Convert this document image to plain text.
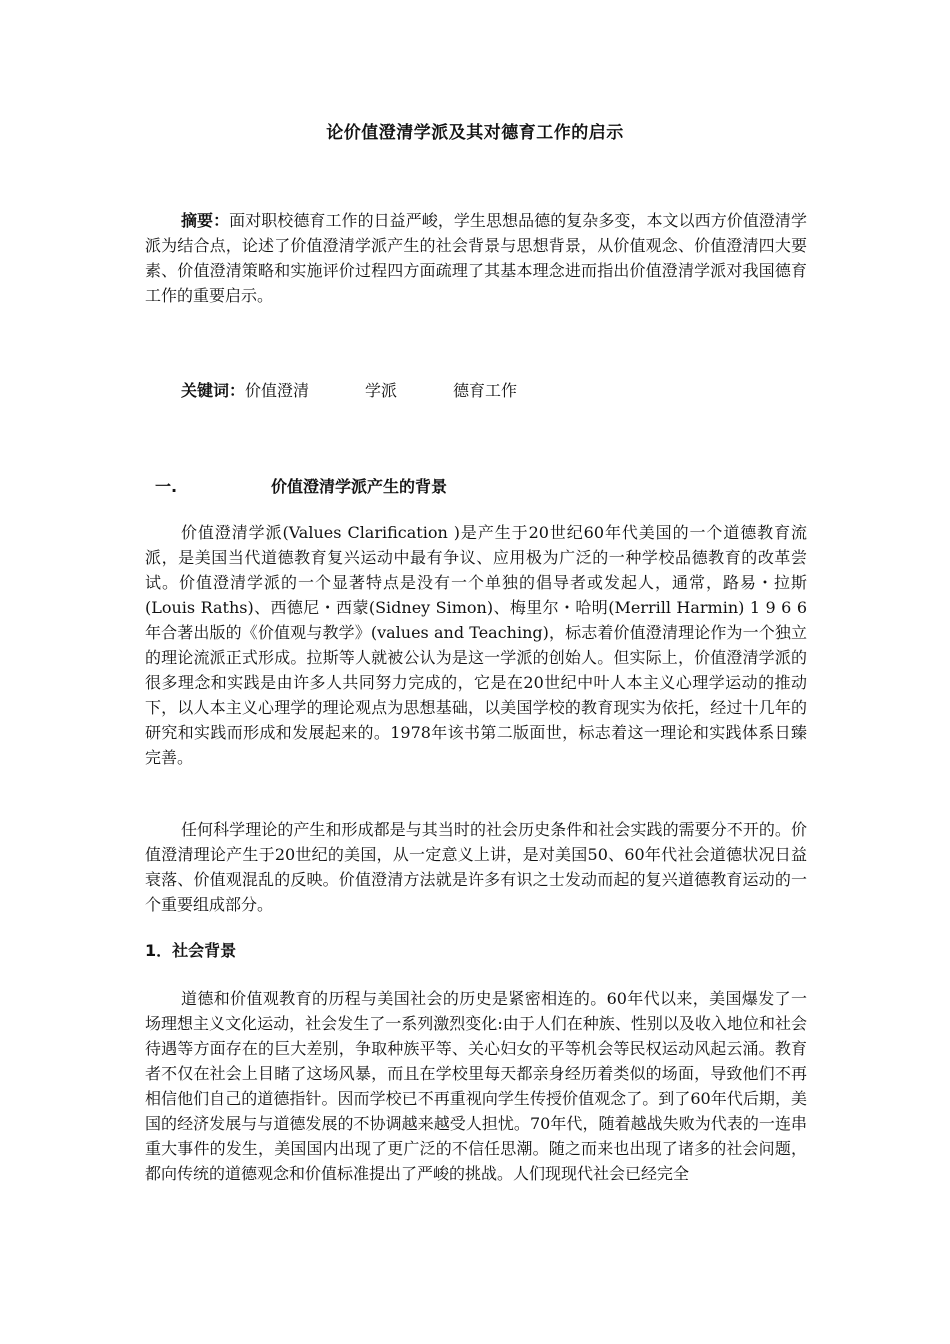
论价值澄清学派及其对德育工作的启示
摘要：面对职校德育工作的日益严峻，学生思想品德的复杂多变，本文以西方价值澄清学派为结合点，论述了价值澄清学派产生的社会背景与思想背景，从价值观念、价值澄清四大要素、价值澄清策略和实施评价过程四方面疏理了其基本理念进而指出价值澄清学派对我国德育工作的重要启示。
关键词：价值澄清	学派	德育工作
一.	价值澄清学派产生的背景
价值澄清学派(Values Clarification )是产生于20世纪60年代美国的一个道德教育流派，是美国当代道德教育复兴运动中最有争议、应用极为广泛的一种学校品德教育的改革尝试。价值澄清学派的一个显著特点是没有一个单独的倡导者或发起人，通常，路易・拉斯(Louis Raths)、西德尼・西蒙(Sidney Simon)、梅里尔・哈明(Merrill Harmin) 1 9 6 6年合著出版的《价值观与教学》(values and Teaching)，标志着价值澄清理论作为一个独立的理论流派正式形成。拉斯等人就被公认为是这一学派的创始人。但实际上，价值澄清学派的很多理念和实践是由许多人共同努力完成的，它是在20世纪中叶人本主义心理学运动的推动下，以人本主义心理学的理论观点为思想基础，以美国学校的教育现实为依托，经过十几年的研究和实践而形成和发展起来的。1978年该书第二版面世，标志着这一理论和实践体系日臻完善。
任何科学理论的产生和形成都是与其当时的社会历史条件和社会实践的需要分不开的。价值澄清理论产生于20世纪的美国，从一定意义上讲，是对美国50、60年代社会道德状况日益衰落、价值观混乱的反映。价值澄清方法就是许多有识之士发动而起的复兴道德教育运动的一个重要组成部分。
1．社会背景
道德和价值观教育的历程与美国社会的历史是紧密相连的。60年代以来，美国爆发了一场理想主义文化运动，社会发生了一系列激烈变化:由于人们在种族、性别以及收入地位和社会待遇等方面存在的巨大差别，争取种族平等、关心妇女的平等机会等民权运动风起云涌。教育者不仅在社会上目睹了这场风暴，而且在学校里每天都亲身经历着类似的场面，导致他们不再相信他们自己的道德指针。因而学校已不再重视向学生传授价值观念了。到了60年代后期，美国的经济发展与与道德发展的不协调越来越受人担忧。70年代，随着越战失败为代表的一连串重大事件的发生，美国国内出现了更广泛的不信任思潮。随之而来也出现了诸多的社会问题，都向传统的道德观念和价值标准提出了严峻的挑战。人们现现代社会已经完全
